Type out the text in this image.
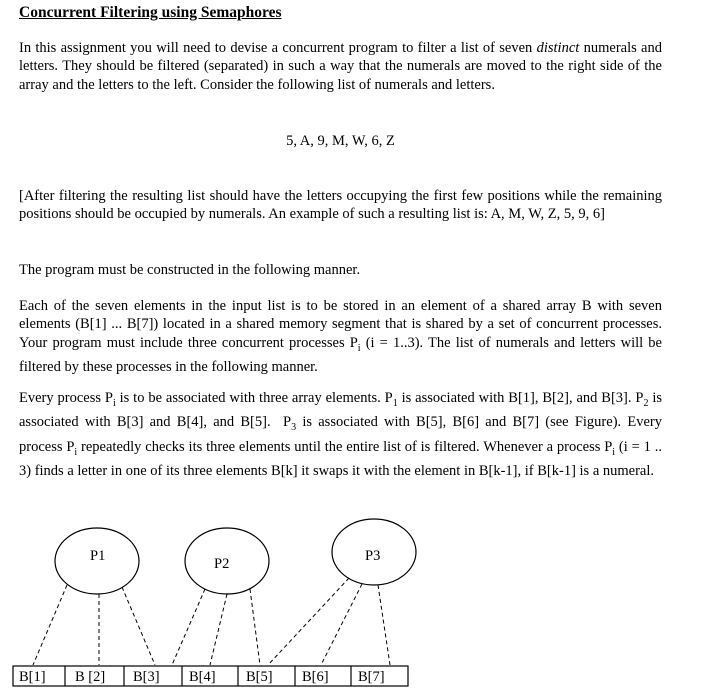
Concurrent Filtering using Semaphores
In this assignment you will need to devise a concurrent program to filter a list of seven distinct numerals and letters. They should be filtered (separated) in such a way that the numerals are moved to the right side of the array and the letters to the left. Consider the following list of numerals and letters.
5, A, 9, M, W, 6, Z
[After filtering the resulting list should have the letters occupying the first few positions while the remaining positions should be occupied by numerals. An example of such a resulting list is: A, M, W, Z, 5, 9, 6]
The program must be constructed in the following manner.
Each of the seven elements in the input list is to be stored in an element of a shared array B with seven elements (B[1] ... B[7]) located in a shared memory segment that is shared by a set of concurrent processes. Your program must include three concurrent processes $P_i$ (i = 1..3). The list of numerals and letters will be filtered by these processes in the following manner.
Every process $P_i$ is to be associated with three array elements. $P_1$ is associated with B[1], B[2], and B[3]. $P_2$ is associated with B[3] and B[4], and B[5].  $P_3$ is associated with B[5], B[6] and B[7] (see Figure). Every process $P_i$ repeatedly checks its three elements until the entire list of is filtered. Whenever a process $P_i$ (i = 1 .. 3) finds a letter in one of its three elements B[k] it swaps it with the element in B[k-1], if B[k-1] is a numeral.
P1	P2	P3
B[1] B [2] B[3] B[4] B[5] B[6] B[7]
